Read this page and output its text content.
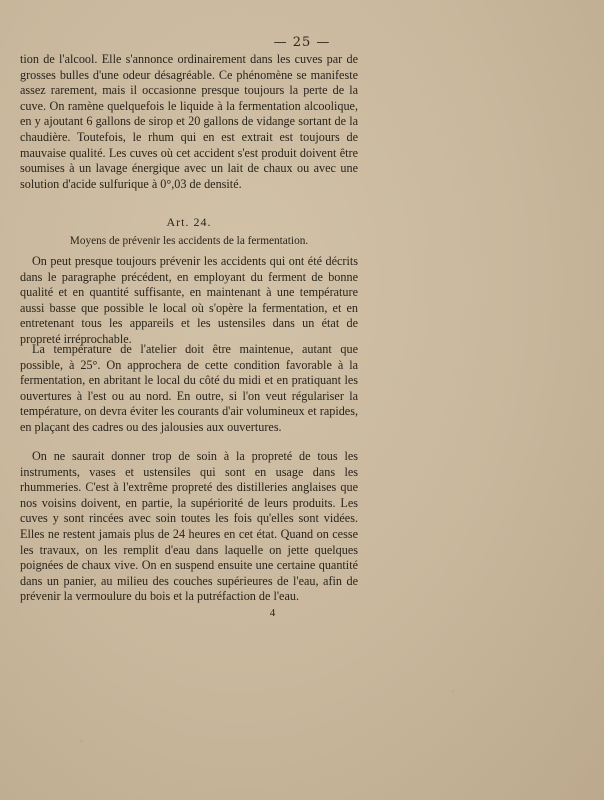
— 25 —
tion de l'alcool. Elle s'annonce ordinairement dans les cuves par de grosses bulles d'une odeur désagréable. Ce phénomène se manifeste assez rarement, mais il occasionne presque toujours la perte de la cuve. On ramène quelquefois le liquide à la fermentation alcoolique, en y ajoutant 6 gallons de sirop et 20 gallons de vidange sortant de la chaudière. Toutefois, le rhum qui en est extrait est toujours de mauvaise qualité. Les cuves où cet accident s'est produit doivent être soumises à un lavage énergique avec un lait de chaux ou avec une solution d'acide sulfurique à 0°,03 de densité.
Art. 24.
Moyens de prévenir les accidents de la fermentation.
On peut presque toujours prévenir les accidents qui ont été décrits dans le paragraphe précédent, en employant du ferment de bonne qualité et en quantité suffisante, en maintenant à une température aussi basse que possible le local où s'opère la fermentation, et en entretenant tous les appareils et les ustensiles dans un état de propreté irréprochable.
La température de l'atelier doit être maintenue, autant que possible, à 25°. On approchera de cette condition favorable à la fermentation, en abritant le local du côté du midi et en pratiquant les ouvertures à l'est ou au nord. En outre, si l'on veut régulariser la température, on devra éviter les courants d'air volumineux et rapides, en plaçant des cadres ou des jalousies aux ouvertures.
On ne saurait donner trop de soin à la propreté de tous les instruments, vases et ustensiles qui sont en usage dans les rhummeries. C'est à l'extrême propreté des distilleries anglaises que nos voisins doivent, en partie, la supériorité de leurs produits. Les cuves y sont rincées avec soin toutes les fois qu'elles sont vidées. Elles ne restent jamais plus de 24 heures en cet état. Quand on cesse les travaux, on les remplit d'eau dans laquelle on jette quelques poignées de chaux vive. On en suspend ensuite une certaine quantité dans un panier, au milieu des couches supérieures de l'eau, afin de prévenir la vermoulure du bois et la putréfaction de l'eau.
4
